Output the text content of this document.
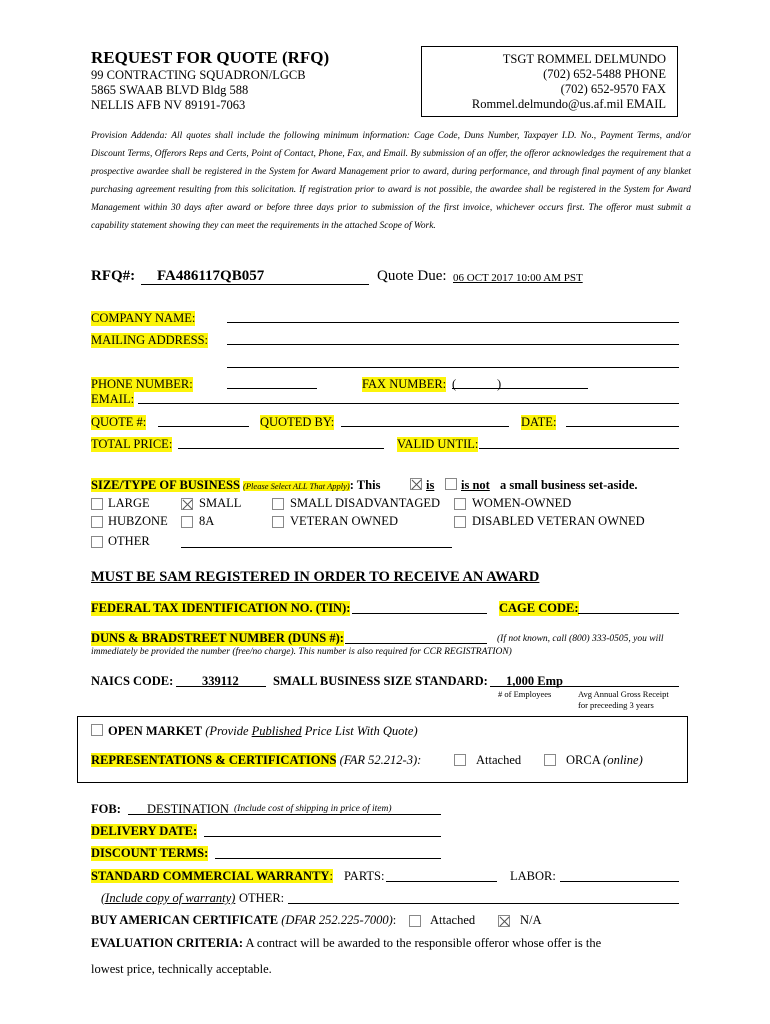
REQUEST FOR QUOTE (RFQ)
99 CONTRACTING SQUADRON/LGCB
5865 SWAAB BLVD Bldg 588
NELLIS AFB NV 89191-7063
TSGT ROMMEL DELMUNDO
(702) 652-5488 PHONE
(702) 652-9570 FAX
Rommel.delmundo@us.af.mil EMAIL
Provision Addenda: All quotes shall include the following minimum information: Cage Code, Duns Number, Taxpayer I.D. No., Payment Terms, and/or Discount Terms, Offerors Reps and Certs, Point of Contact, Phone, Fax, and Email. By submission of an offer, the offeror acknowledges the requirement that a prospective awardee shall be registered in the System for Award Management prior to award, during performance, and through final payment of any blanket purchasing agreement resulting from this solicitation. If registration prior to award is not possible, the awardee shall be registered in the System for Award Management within 30 days after award or before three days prior to submission of the first invoice, whichever occurs first. The offeror must submit a capability statement showing they can meet the requirements in the attached Scope of Work.
RFQ#: FA486117QB057	Quote Due: 06 OCT 2017 10:00 AM PST
COMPANY NAME:
MAILING ADDRESS:
PHONE NUMBER:	FAX NUMBER: (	)
EMAIL:
QUOTE #:	QUOTED BY:	DATE:
TOTAL PRICE:	VALID UNTIL:
SIZE/TYPE OF BUSINESS (Please Select ALL That Apply): This	is is not a small business set-aside.
LARGE	SMALL	SMALL DISADVANTAGED	WOMEN-OWNED
HUBZONE	8A	VETERAN OWNED	DISABLED VETERAN OWNED
OTHER
MUST BE SAM REGISTERED IN ORDER TO RECEIVE AN AWARD
FEDERAL TAX IDENTIFICATION NO. (TIN):	CAGE CODE:
DUNS & BRADSTREET NUMBER (DUNS #):	(If not known, call (800) 333-0505, you will
immediately be provided the number (free/no charge). This number is also required for CCR REGISTRATION)
NAICS CODE: 339112	SMALL BUSINESS SIZE STANDARD: 1,000 Emp
# of Employees	Avg Annual Gross Receipt
for preceeding 3 years
OPEN MARKET (Provide Published Price List With Quote)
REPRESENTATIONS & CERTIFICATIONS (FAR 52.212-3):	Attached	ORCA (online)
FOB: DESTINATION (Include cost of shipping in price of item)
DELIVERY DATE:
DISCOUNT TERMS:
STANDARD COMMERCIAL WARRANTY: PARTS:	LABOR:
(Include copy of warranty) OTHER:
BUY AMERICAN CERTIFICATE (DFAR 252.225-7000):	Attached	N/A
EVALUATION CRITERIA: A contract will be awarded to the responsible offeror whose offer is the
lowest price, technically acceptable.
